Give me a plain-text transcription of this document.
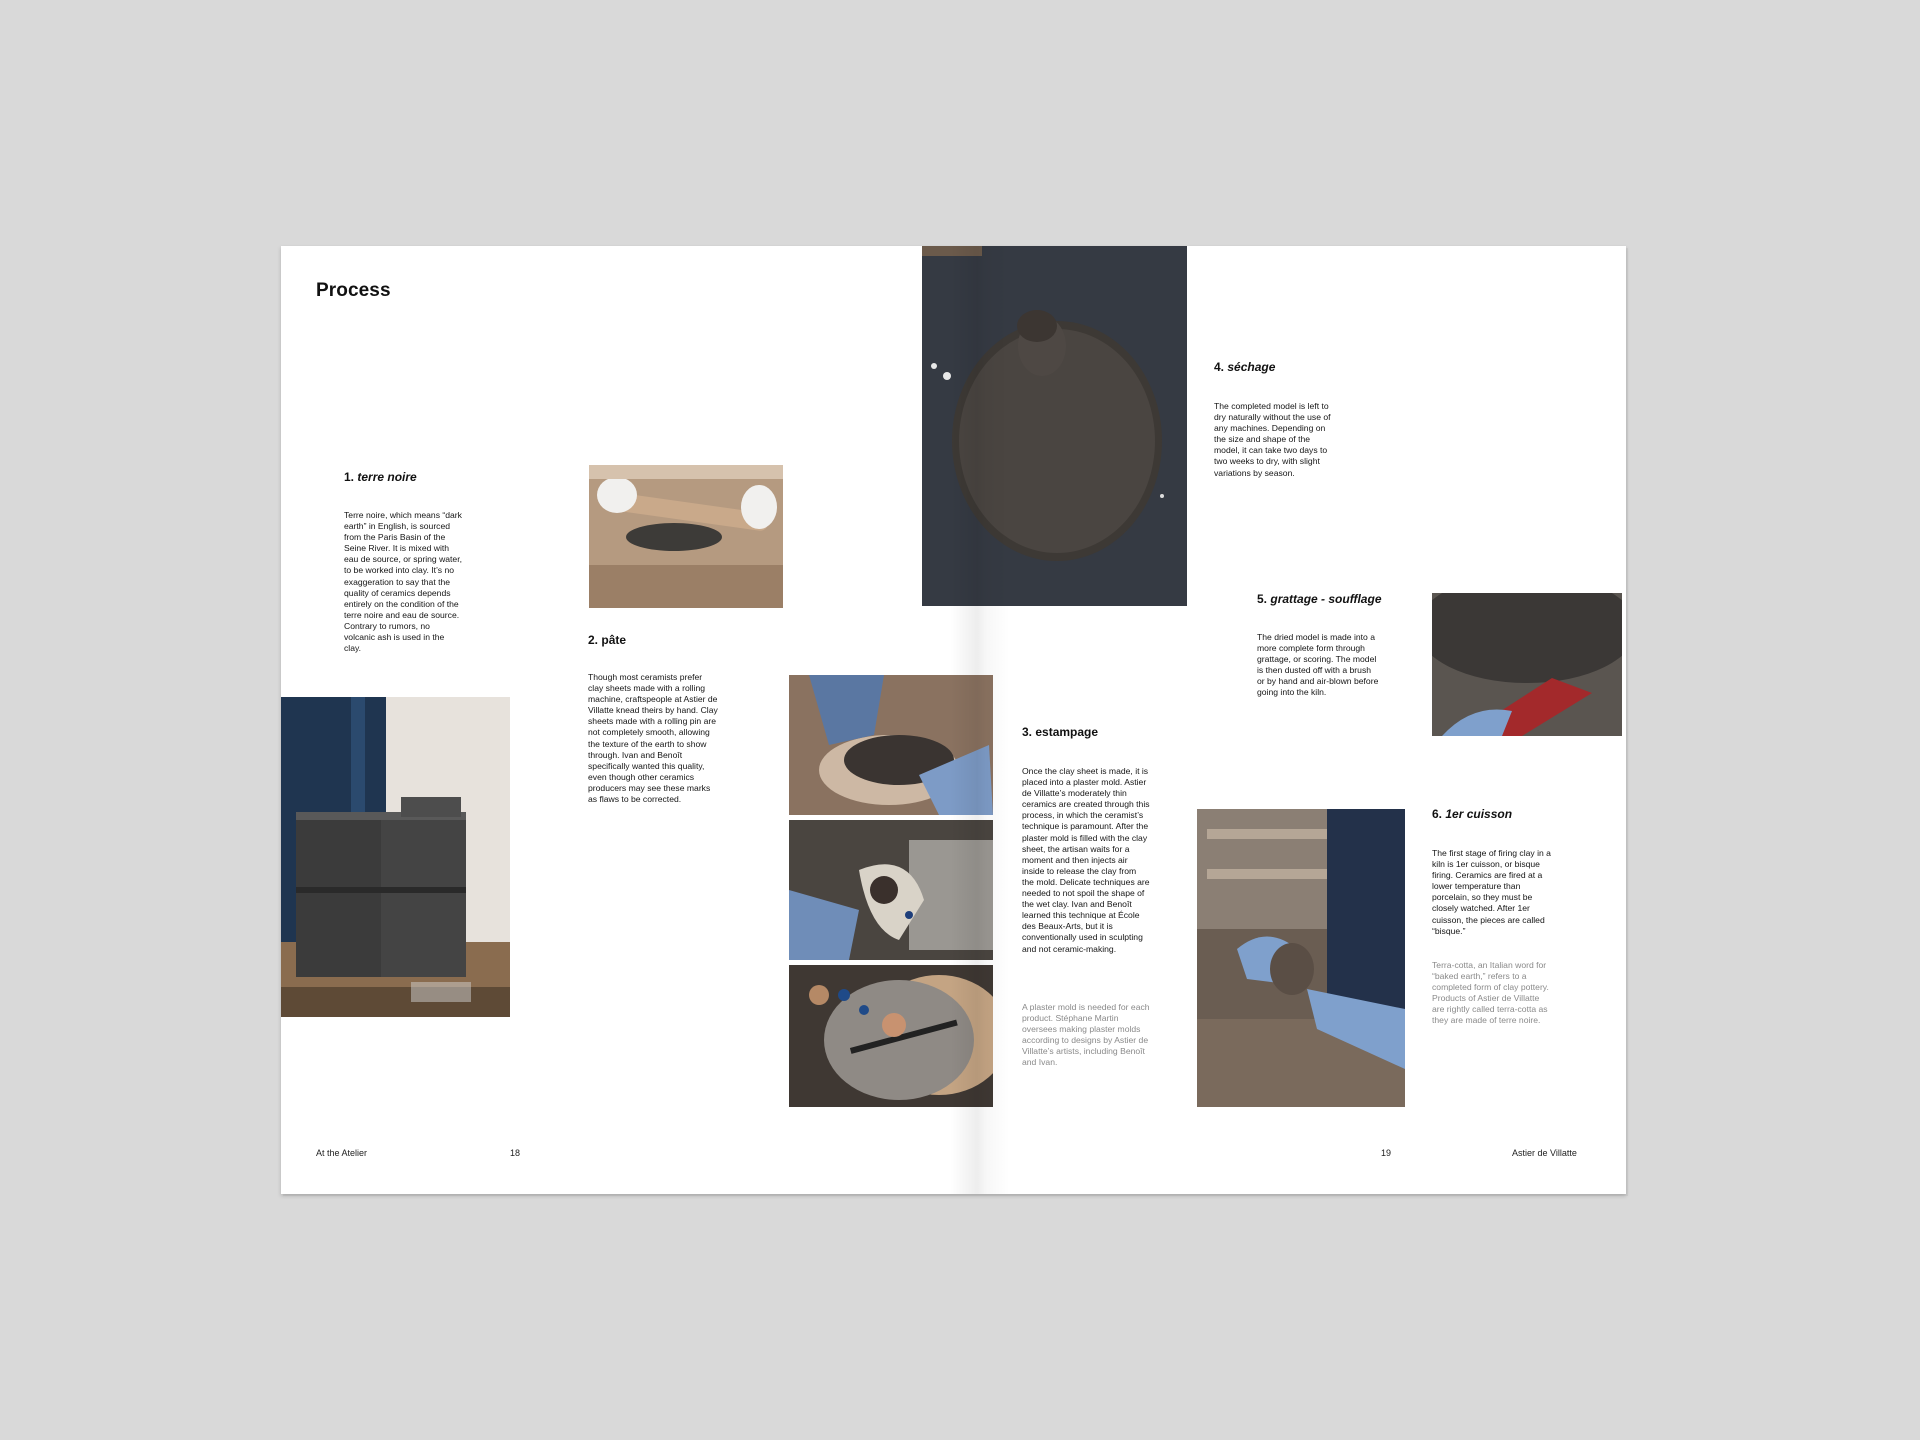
Process
1. terre noire
Terre noire, which means “dark earth” in English, is sourced from the Paris Basin of the Seine River. It is mixed with eau de source, or spring water, to be worked into clay. It’s no exaggeration to say that the quality of ceramics depends entirely on the condition of the terre noire and eau de source. Contrary to rumors, no volcanic ash is used in the clay.
2. pâte
Though most ceramists prefer clay sheets made with a rolling machine, craftspeople at Astier de Villatte knead theirs by hand. Clay sheets made with a rolling pin are not completely smooth, allowing the texture of the earth to show through. Ivan and Benoît specifically wanted this quality, even though other ceramics producers may see these marks as flaws to be corrected.
4. séchage
The completed model is left to dry naturally without the use of any machines. Depending on the size and shape of the model, it can take two days to two weeks to dry, with slight variations by season.
5. grattage - soufflage
The dried model is made into a more complete form through grattage, or scoring. The model is then dusted off with a brush or by hand and air-blown before going into the kiln.
3. estampage
Once the clay sheet is made, it is placed into a plaster mold. Astier de Villatte’s moderately thin ceramics are created through this process, in which the ceramist’s technique is paramount. After the plaster mold is filled with the clay sheet, the artisan waits for a moment and then injects air inside to release the clay from the mold. Delicate techniques are needed to not spoil the shape of the wet clay. Ivan and Benoît learned this technique at École des Beaux-Arts, but it is conventionally used in sculpting and not ceramic-making.
A plaster mold is needed for each product. Stéphane Martin oversees making plaster molds according to designs by Astier de Villatte’s artists, including Benoît and Ivan.
6. 1er cuisson
The first stage of firing clay in a kiln is 1er cuisson, or bisque firing. Ceramics are fired at a lower temperature than porcelain, so they must be closely watched. After 1er cuisson, the pieces are called “bisque.”
Terra-cotta, an Italian word for “baked earth,” refers to a completed form of clay pottery. Products of Astier de Villatte are rightly called terra-cotta as they are made of terre noire.
At the Atelier	18	19	Astier de Villatte
